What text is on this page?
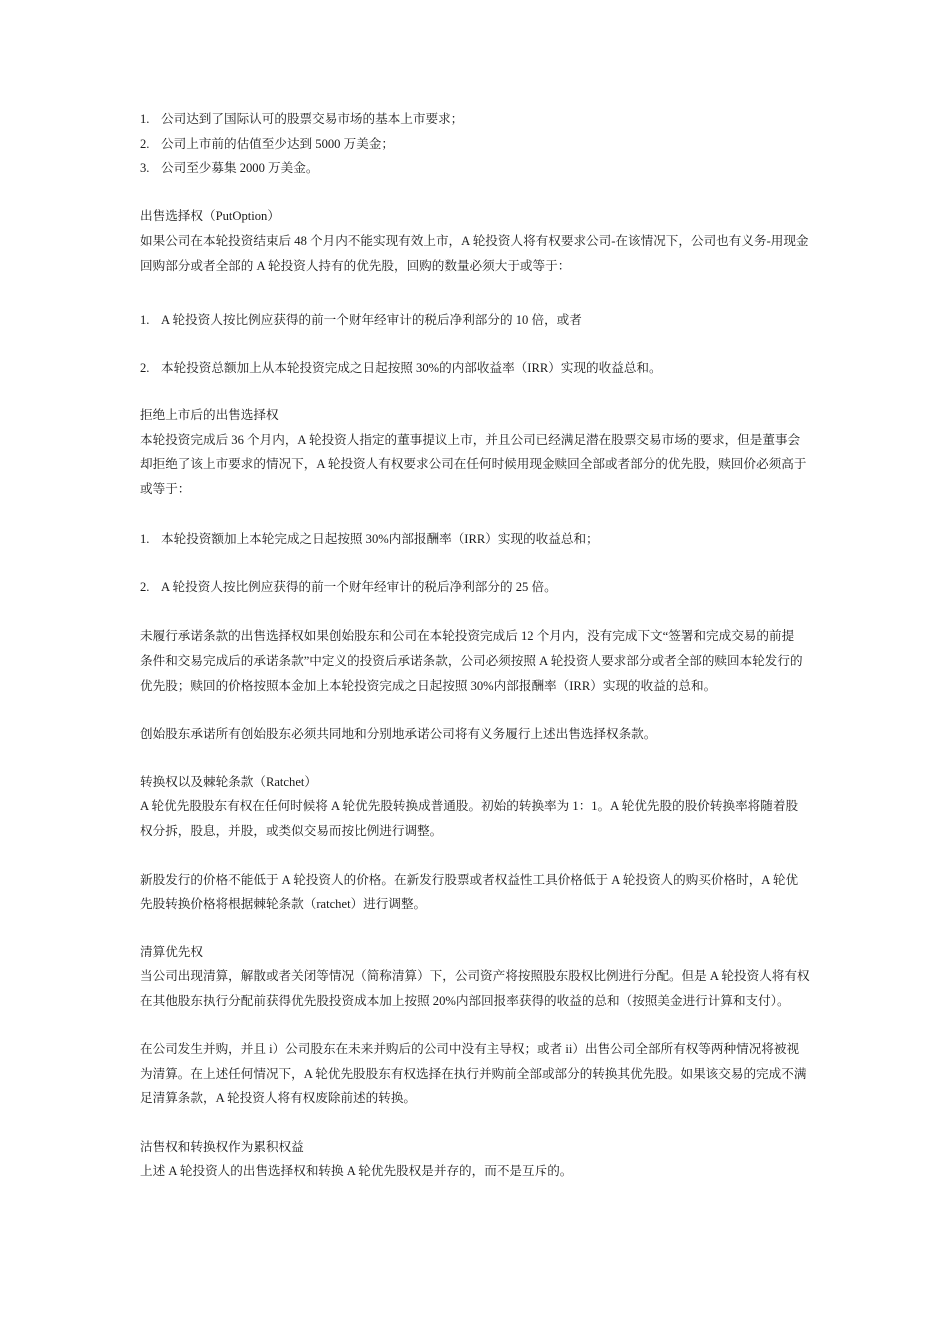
1. 公司达到了国际认可的股票交易市场的基本上市要求；
2. 公司上市前的估值至少达到 5000 万美金；
3. 公司至少募集 2000 万美金。
出售选择权（PutOption）
如果公司在本轮投资结束后 48 个月内不能实现有效上市，A 轮投资人将有权要求公司-在该情况下，公司也有义务-用现金
回购部分或者全部的 A 轮投资人持有的优先股，回购的数量必须大于或等于：
1. A 轮投资人按比例应获得的前一个财年经审计的税后净利部分的 10 倍，或者
2. 本轮投资总额加上从本轮投资完成之日起按照 30%的内部收益率（IRR）实现的收益总和。
拒绝上市后的出售选择权
本轮投资完成后 36 个月内，A 轮投资人指定的董事提议上市，并且公司已经满足潜在股票交易市场的要求，但是董事会
却拒绝了该上市要求的情况下，A 轮投资人有权要求公司在任何时候用现金赎回全部或者部分的优先股，赎回价必须高于
或等于：
1. 本轮投资额加上本轮完成之日起按照 30%内部报酬率（IRR）实现的收益总和；
2. A 轮投资人按比例应获得的前一个财年经审计的税后净利部分的 25 倍。
未履行承诺条款的出售选择权如果创始股东和公司在本轮投资完成后 12 个月内，没有完成下文“签署和完成交易的前提
条件和交易完成后的承诺条款”中定义的投资后承诺条款，公司必须按照 A 轮投资人要求部分或者全部的赎回本轮发行的
优先股；赎回的价格按照本金加上本轮投资完成之日起按照 30%内部报酬率（IRR）实现的收益的总和。
创始股东承诺所有创始股东必须共同地和分别地承诺公司将有义务履行上述出售选择权条款。
转换权以及棘轮条款（Ratchet）
A 轮优先股股东有权在任何时候将 A 轮优先股转换成普通股。初始的转换率为 1：1。A 轮优先股的股价转换率将随着股
权分拆，股息，并股，或类似交易而按比例进行调整。
新股发行的价格不能低于 A 轮投资人的价格。在新发行股票或者权益性工具价格低于 A 轮投资人的购买价格时，A 轮优
先股转换价格将根据棘轮条款（ratchet）进行调整。
清算优先权
当公司出现清算，解散或者关闭等情况（简称清算）下，公司资产将按照股东股权比例进行分配。但是 A 轮投资人将有权
在其他股东执行分配前获得优先股投资成本加上按照 20%内部回报率获得的收益的总和（按照美金进行计算和支付）。
在公司发生并购，并且 i）公司股东在未来并购后的公司中没有主导权；或者 ii）出售公司全部所有权等两种情况将被视
为清算。在上述任何情况下，A 轮优先股股东有权选择在执行并购前全部或部分的转换其优先股。如果该交易的完成不满
足清算条款，A 轮投资人将有权废除前述的转换。
沽售权和转换权作为累积权益
上述 A 轮投资人的出售选择权和转换 A 轮优先股权是并存的，而不是互斥的。
